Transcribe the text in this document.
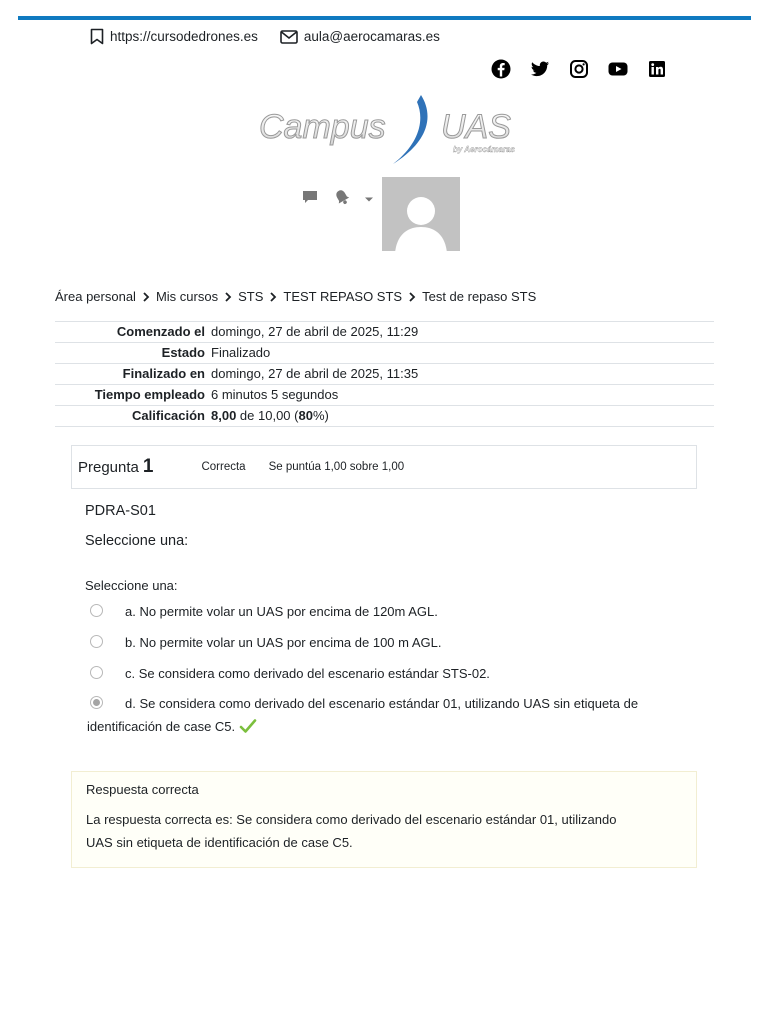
https://cursodedrones.es	aula@aerocamaras.es
Campus UAS
by Aerocámaras
Área personal Mis cursos STS TEST REPASO STS Test de repaso STS
Comenzado el	domingo, 27 de abril de 2025, 11:29
Estado	Finalizado
Finalizado en	domingo, 27 de abril de 2025, 11:35
Tiempo empleado	6 minutos 5 segundos
Calificación	8,00 de 10,00 (80%)
Pregunta 1	Correcta Se puntúa 1,00 sobre 1,00
PDRA-S01
Seleccione una:
Seleccione una:
a. No permite volar un UAS por encima de 120m AGL.
b. No permite volar un UAS por encima de 100 m AGL.
c. Se considera como derivado del escenario estándar STS-02.
d. Se considera como derivado del escenario estándar 01, utilizando UAS sin etiqueta de
identificación de case C5.
Respuesta correcta
La respuesta correcta es: Se considera como derivado del escenario estándar 01, utilizando UAS sin etiqueta de identificación de case C5.
